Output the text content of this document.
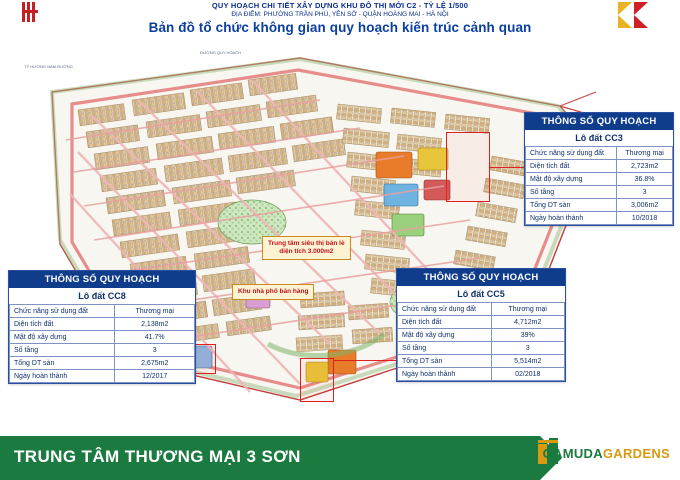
QUY HOẠCH CHI TIẾT XÂY DỰNG KHU ĐÔ THỊ MỚI C2 - TỶ LỆ 1/500
ĐỊA ĐIỂM: PHƯỜNG TRẦN PHÚ, YÊN SỞ - QUẬN HOÀNG MAI - HÀ NỘI
Bản đồ tổ chức không gian quy hoạch kiến trúc cảnh quan
TỶ HƯỚNG NAM ĐƯỜNG
ĐƯỜNG QUY HOẠCH
Trung tâm siêu thị bán lẻ
diện tích 3.000m2
Khu nhà phố bán hàng
THÔNG SỐ QUY HOẠCH
Lô đất CC3
Chức năng sử dụng đất	Thương mại
Diện tích đất	2,723m2
Mật độ xây dựng	36.8%
Số tầng	3
Tổng DT sàn	3,006m2
Ngày hoàn thành	10/2018
THÔNG SỐ QUY HOẠCH
Lô đất CC8
Chức năng sử dụng đất	Thương mại
Diện tích đất	2,138m2
Mật độ xây dựng	41.7%
Số tầng	3
Tổng DT sàn	2,675m2
Ngày hoàn thành	12/2017
THÔNG SỐ QUY HOẠCH
Lô đất CC5
Chức năng sử dụng đất	Thương mại
Diện tích đất	4,712m2
Mật độ xây dựng	39%
Số tầng	3
Tổng DT sàn	5,514m2
Ngày hoàn thành	02/2018
TRUNG TÂM THƯƠNG MẠI 3 SƠN	GAMUDAGARDENS
